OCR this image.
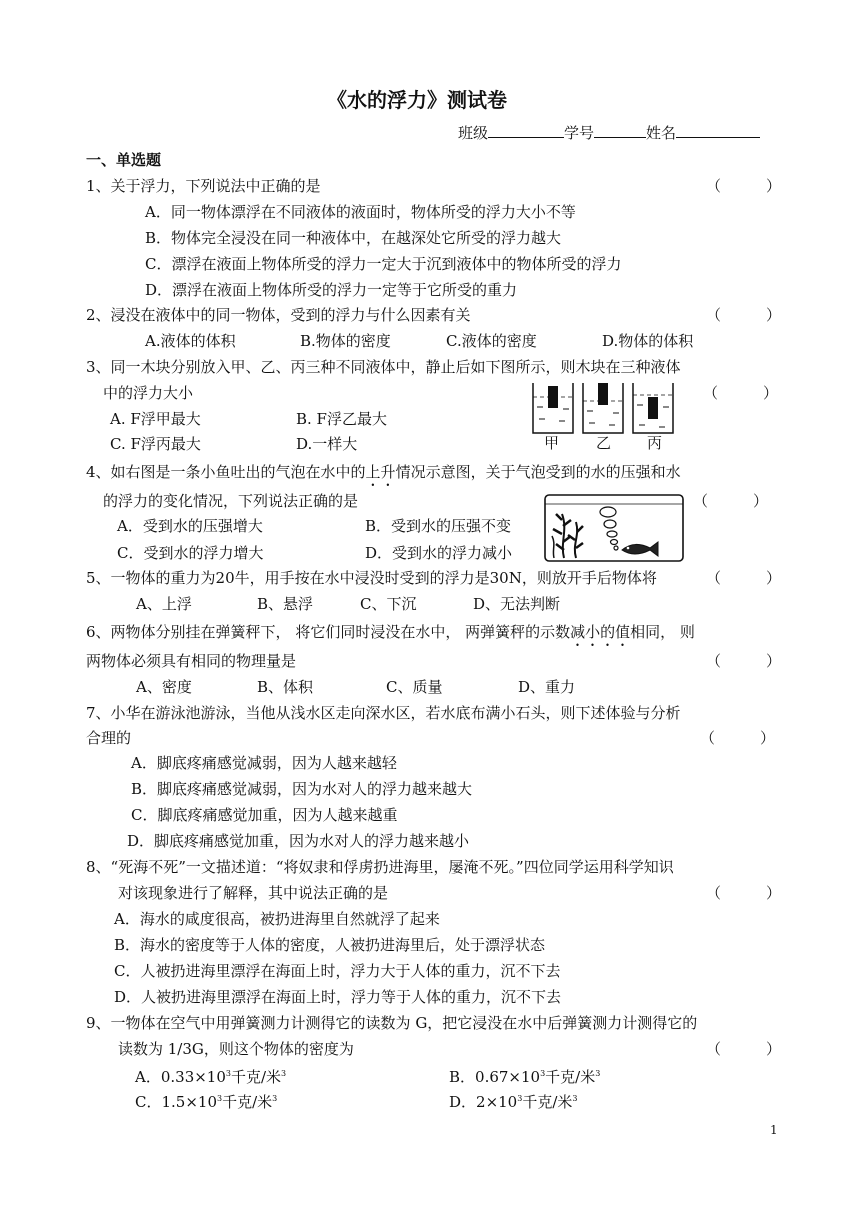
《水的浮力》测试卷
班级	学号	姓名
一、单选题
1、关于浮力，下列说法中正确的是	（　　　）
A．同一物体漂浮在不同液体的液面时，物体所受的浮力大小不等
B．物体完全浸没在同一种液体中，在越深处它所受的浮力越大
C．漂浮在液面上物体所受的浮力一定大于沉到液体中的物体所受的浮力
D．漂浮在液面上物体所受的浮力一定等于它所受的重力
2、浸没在液体中的同一物体，受到的浮力与什么因素有关	（　　　）
A.液体的体积	B.物体的密度	C.液体的密度	D.物体的体积
3、同一木块分别放入甲、乙、丙三种不同液体中，静止后如下图所示，则木块在三种液体
中的浮力大小	（　　　）
A. F浮甲最大	B. F浮乙最大
C. F浮丙最大	D.一样大	甲 乙 丙
4、如右图是一条小鱼吐出的气泡在水中的上升情况示意图，关于气泡受到的水的压强和水
的浮力的变化情况，下列说法正确的是	（　　　）
A．受到水的压强增大	B．受到水的压强不变
C．受到水的浮力增大	D．受到水的浮力减小
5、一物体的重力为20牛，用手按在水中浸没时受到的浮力是30N，则放开手后物体将	（　　　）
A、上浮	B、悬浮	C、下沉	D、无法判断
6、两物体分别挂在弹簧秤下， 将它们同时浸没在水中， 两弹簧秤的示数减小的值相同， 则
两物体必须具有相同的物理量是	（　　　）
A、密度	B、体积	C、质量	D、重力
7、小华在游泳池游泳，当他从浅水区走向深水区，若水底布满小石头，则下述体验与分析
合理的	（　　　）
A．脚底疼痛感觉减弱，因为人越来越轻
B．脚底疼痛感觉减弱，因为水对人的浮力越来越大
C．脚底疼痛感觉加重，因为人越来越重
D．脚底疼痛感觉加重，因为水对人的浮力越来越小
8、“死海不死”一文描述道：“将奴隶和俘虏扔进海里，屡淹不死。”四位同学运用科学知识
对该现象进行了解释，其中说法正确的是	（　　　）
A．海水的咸度很高，被扔进海里自然就浮了起来
B．海水的密度等于人体的密度，人被扔进海里后，处于漂浮状态
C．人被扔进海里漂浮在海面上时，浮力大于人体的重力，沉不下去
D．人被扔进海里漂浮在海面上时，浮力等于人体的重力，沉不下去
9、一物体在空气中用弹簧测力计测得它的读数为 G，把它浸没在水中后弹簧测力计测得它的
读数为 1/3G，则这个物体的密度为	（　　　）
A．$0.33\times 10^3$千克/米$^3$	B．$0.67\times 10^3$千克/米$^3$
C．$1.5\times 10^3$千克/米$^3$	D．$2\times 10^3$千克/米$^3$
1
